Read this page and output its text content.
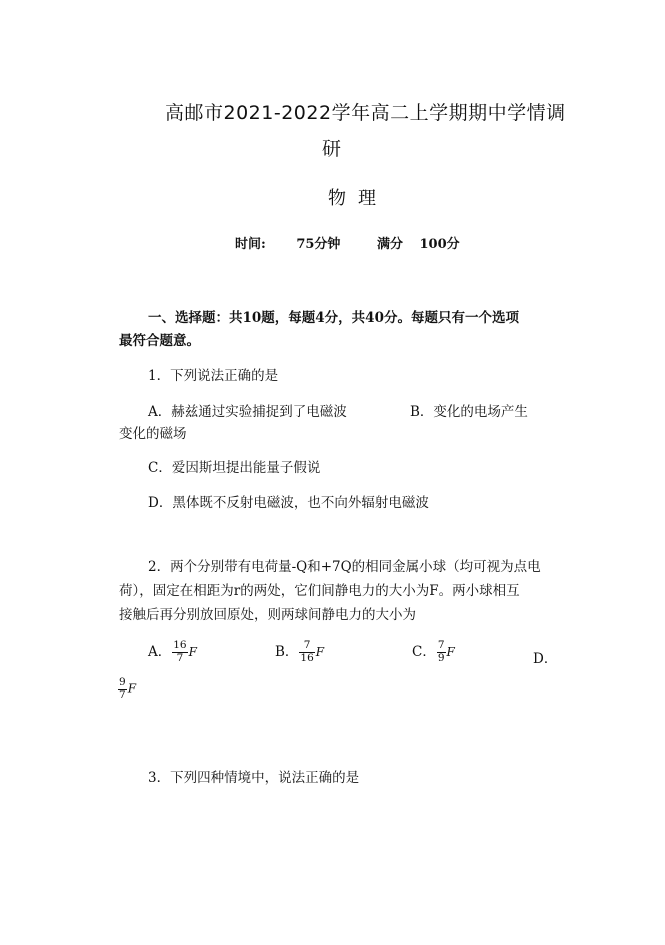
高邮市2021-2022学年高二上学期期中学情调
研
物理
时间: 75分钟	满分 100分
一、选择题：共10题，每题4分，共40分。每题只有一个选项
最符合题意。
1．下列说法正确的是
A．赫兹通过实验捕捉到了电磁波	B．变化的电场产生
变化的磁场
C．爱因斯坦提出能量子假说
D．黑体既不反射电磁波，也不向外辐射电磁波
2．两个分别带有电荷量-Q和+7Q的相同金属小球（均可视为点电
荷），固定在相距为r的两处，它们间静电力的大小为F。两小球相互
接触后再分别放回原处，则两球间静电力的大小为
A． $\frac{16}{7}$ F	B． $\frac{7}{16}$ F	C． $\frac{7}{9}$ F	D．
$\frac{9}{7}$ F
3．下列四种情境中，说法正确的是
